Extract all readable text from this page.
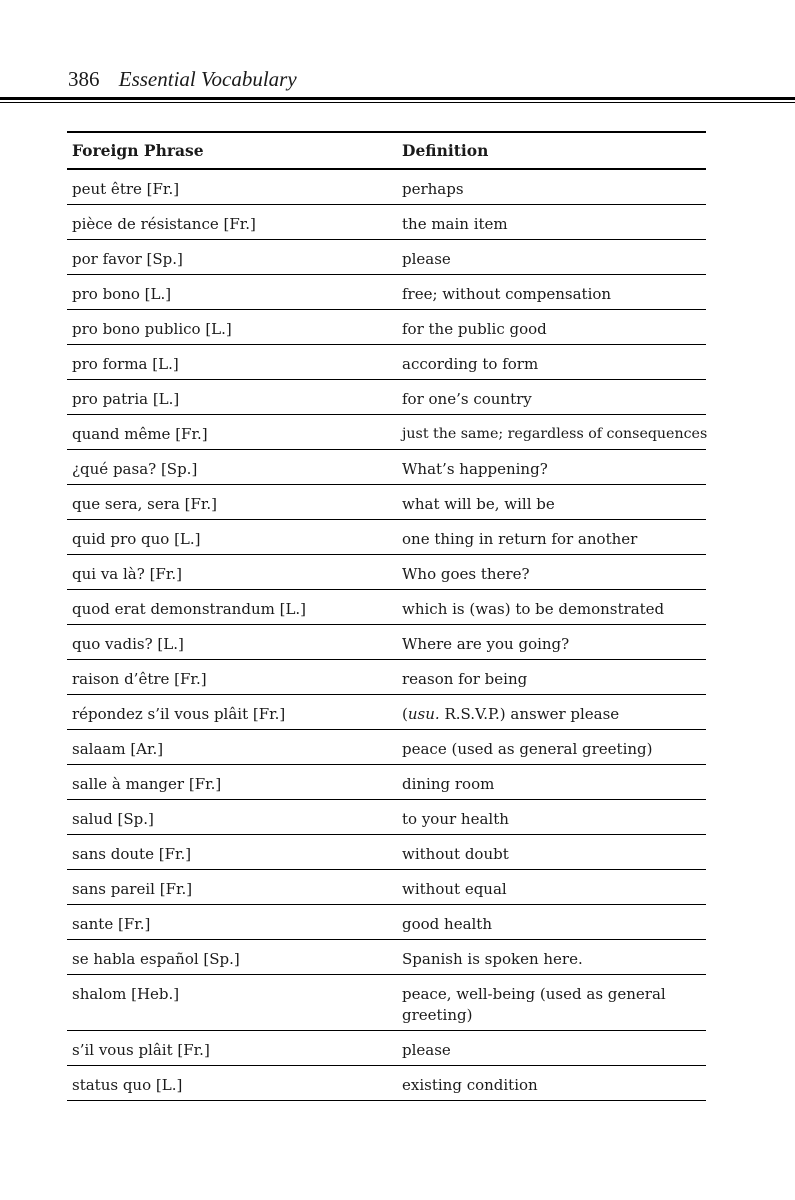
386 Essential Vocabulary
Foreign Phrase	Definition
peut être [Fr.]	perhaps
pièce de résistance [Fr.]	the main item
por favor [Sp.]	please
pro bono [L.]	free; without compensation
pro bono publico [L.]	for the public good
pro forma [L.]	according to form
pro patria [L.]	for one’s country
quand même [Fr.]	just the same; regardless of consequences
¿qué pasa? [Sp.]	What’s happening?
que sera, sera [Fr.]	what will be, will be
quid pro quo [L.]	one thing in return for another
qui va là? [Fr.]	Who goes there?
quod erat demonstrandum [L.]	which is (was) to be demonstrated
quo vadis? [L.]	Where are you going?
raison d’être [Fr.]	reason for being
répondez s’il vous plâit [Fr.]	(usu. R.S.V.P.) answer please
salaam [Ar.]	peace (used as general greeting)
salle à manger [Fr.]	dining room
salud [Sp.]	to your health
sans doute [Fr.]	without doubt
sans pareil [Fr.]	without equal
sante [Fr.]	good health
se habla español [Sp.]	Spanish is spoken here.
shalom [Heb.]	peace, well-being (used as general greeting)
s’il vous plâit [Fr.]	please
status quo [L.]	existing condition
